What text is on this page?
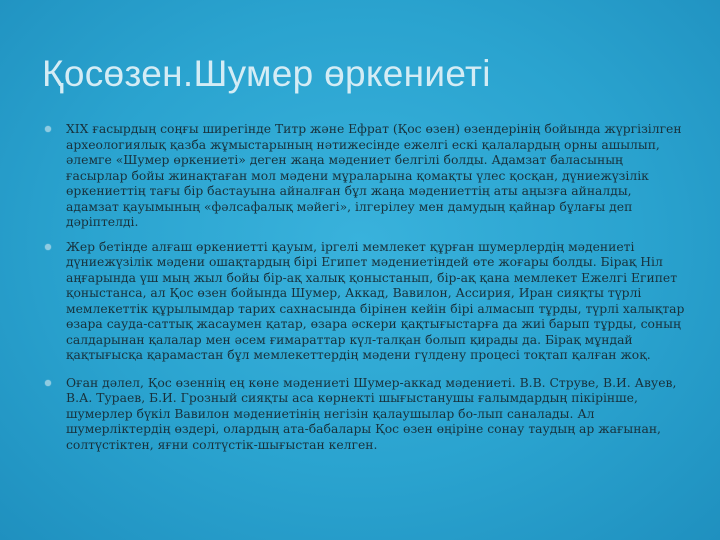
Қосөзен.Шумер өркениеті
XIX ғасырдың соңғы ширегінде Титр және Ефрат (Қос өзен) өзендерінің бойында жүргізілген археологиялық қазба жұмыстарының нәтижесінде ежелгі ескі қалалардың орны ашылып, әлемге «Шумер өркениеті» деген жаңа мәдениет белгілі болды. Адамзат баласының ғасырлар бойы жинақтаған мол мәдени мұраларына қомақты үлес қосқан, дүниежүзілік өркениеттің тағы бір бастауына айналған бұл жаңа мәдениеттің аты аңызға айналды, адамзат қауымының «фәлсафалық мәйегі», ілгерілеу мен дамудың қайнар бұлағы деп дәріптелді.
Жер бетінде алғаш өркениетті қауым, іргелі мемлекет құрған шумерлердің мәдениеті дүниежүзілік мәдени ошақтардың бірі Египет мәдениетіндей өте жоғары болды. Бірақ Ніл аңғарында үш мың жыл бойы бір-ақ халық қоныстанып, бір-ақ қана мемлекет Ежелгі Египет қоныстанса, ал Қос өзен бойында Шумер, Аккад, Вавилон, Ассирия, Иран сияқты түрлі мемлекеттік құрылымдар тарих сахнасында бірінен кейін бірі алмасып тұрды, түрлі халықтар өзара сауда-саттық жасаумен қатар, өзара әскери қақтығыстарға да жиі барып тұрды, соның салдарынан қалалар мен әсем ғимараттар күл-талқан болып қирады да. Бірақ мұндай қақтығысқа қарамастан бұл мемлекеттердің мәдени гүлдену процесі тоқтап қалған жоқ.
Оған дәлел, Қос өзеннің ең көне мәдениеті Шумер-аккад мәдениеті. В.В. Струве, В.И. Авуев, В.А. Тураев, Б.И. Грозный сияқты аса көрнекті шығыстанушы ғалымдардың пікірінше, шумерлер бүкіл Вавилон мәдениетінің негізін қалаушылар бо-лып саналады. Ал шумерліктердің өздері, олардың ата-бабалары Қос өзен өңіріне сонау таудың ар жағынан, солтүстіктен, яғни солтүстік-шығыстан келген.
